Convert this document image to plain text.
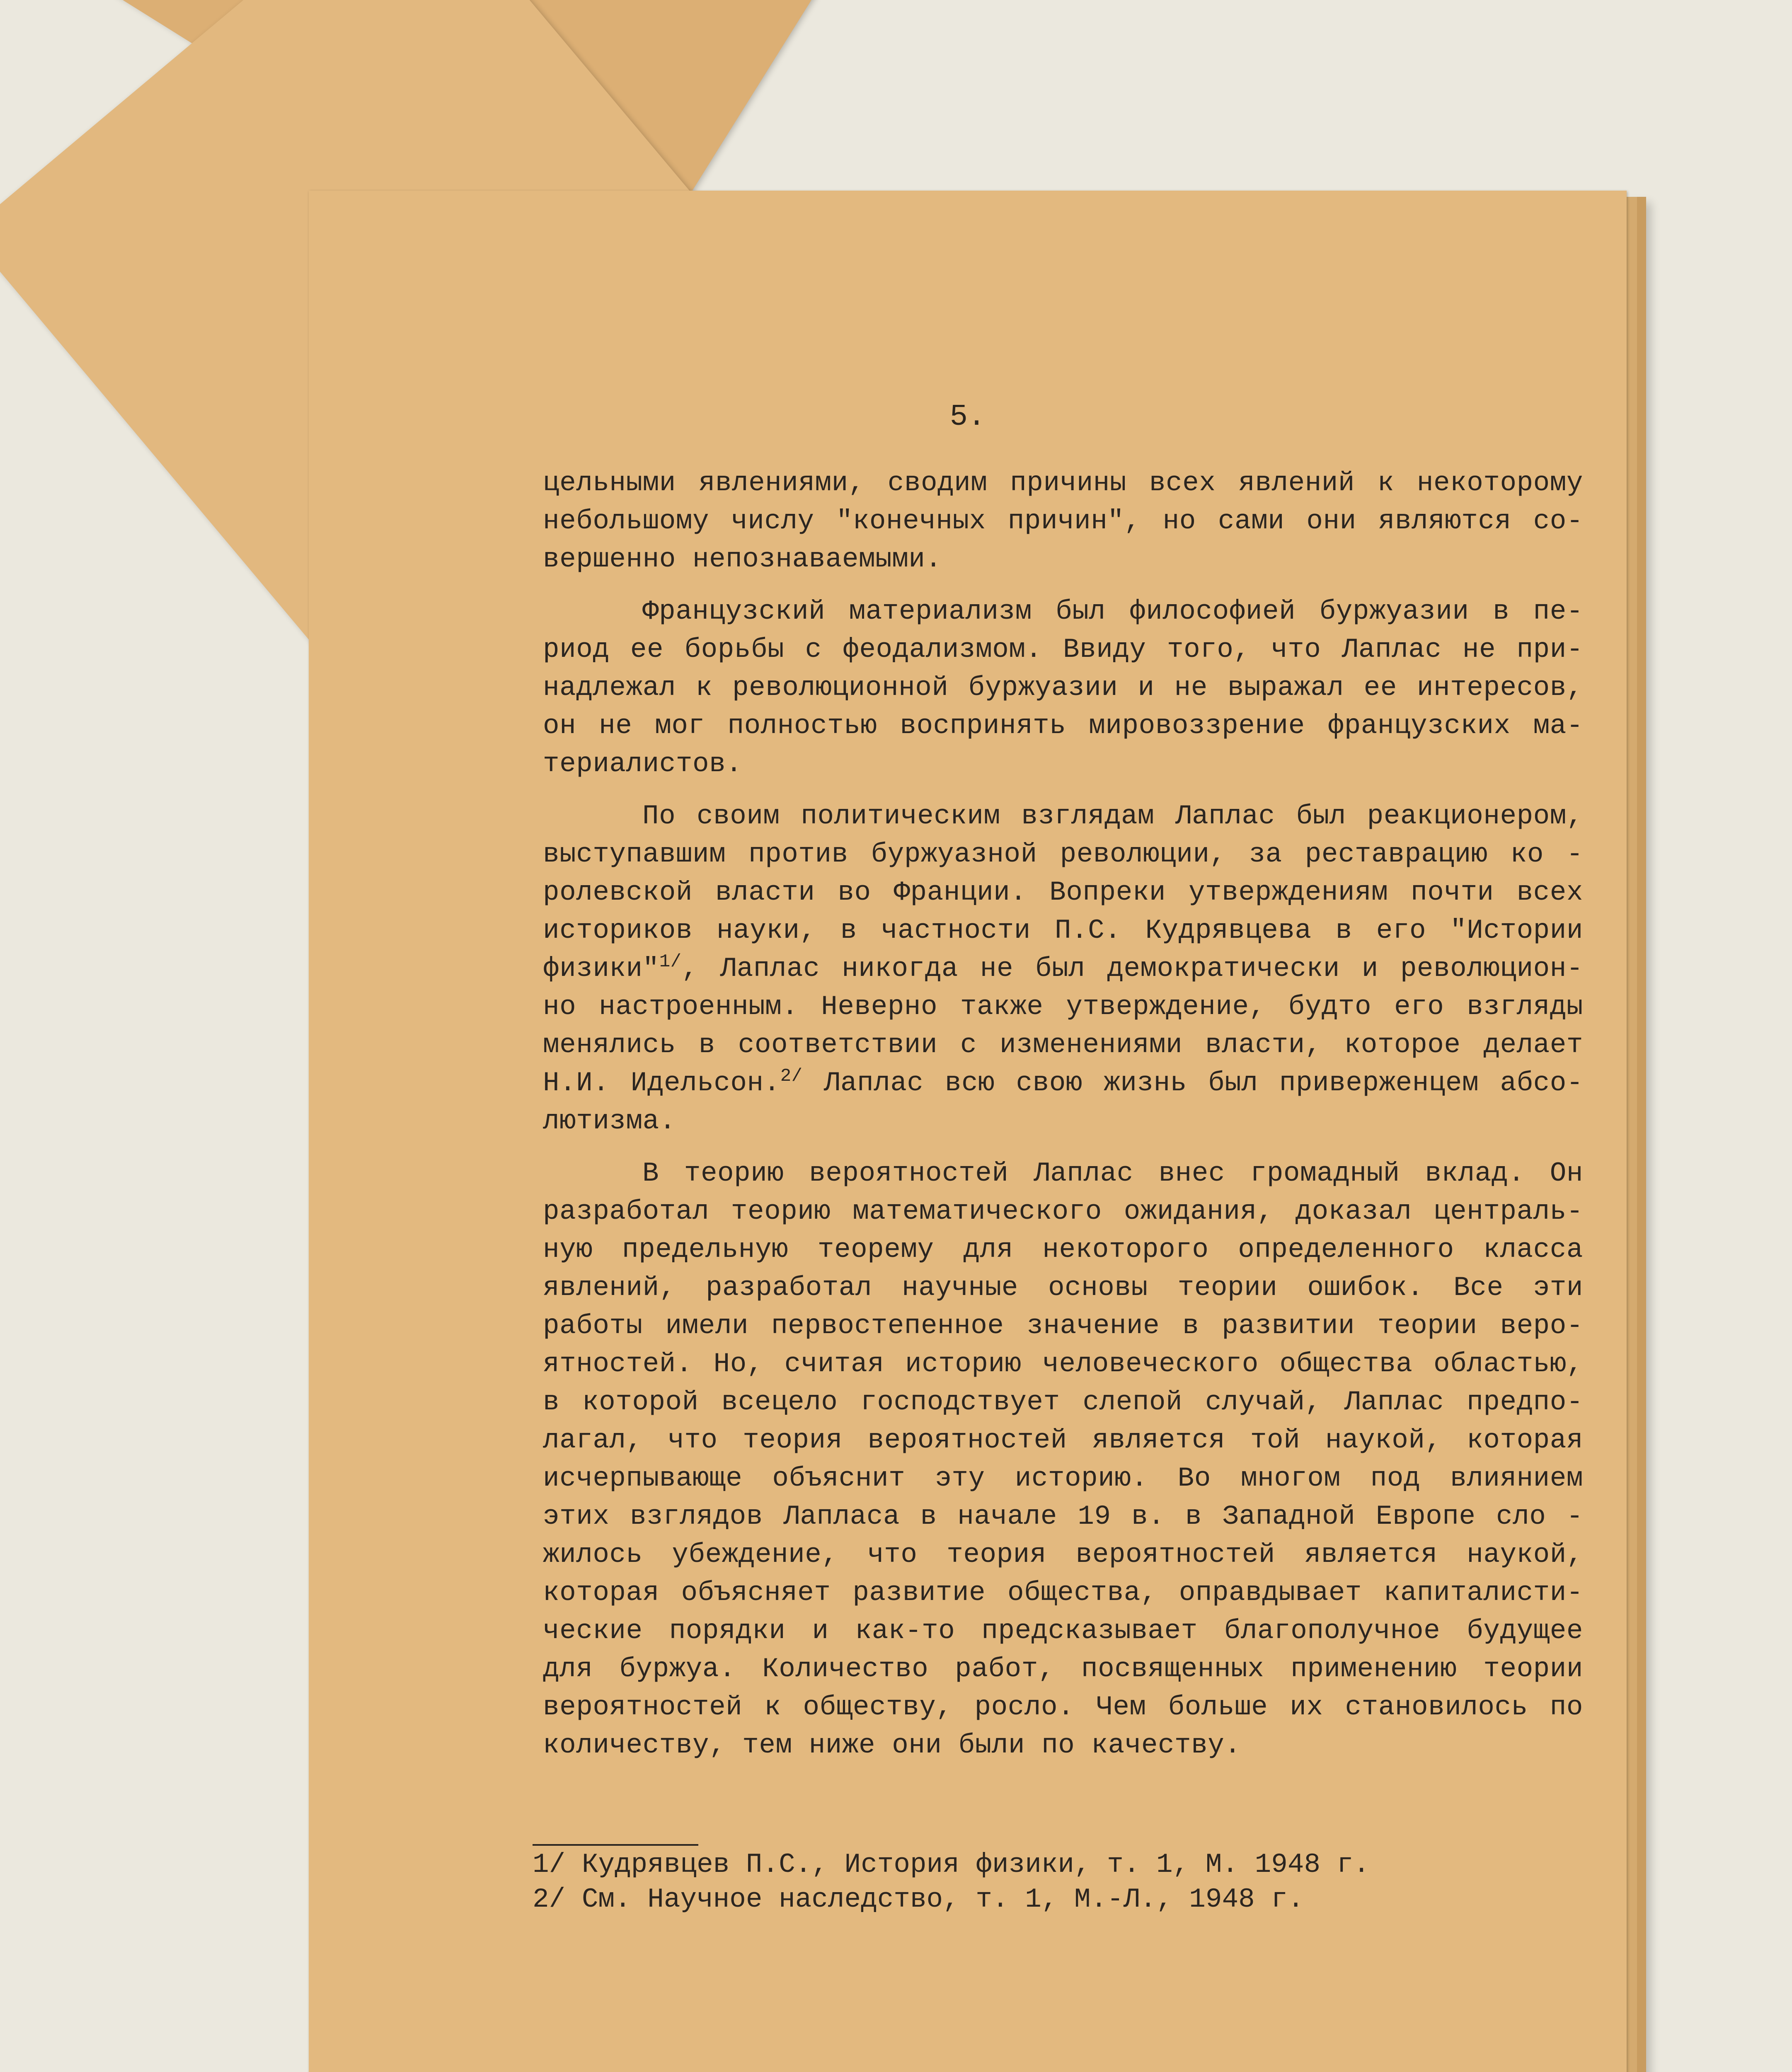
5.
цельными явлениями, сводим причины всех явлений к некоторому
небольшому числу "конечных причин", но сами они являются со-
вершенно непознаваемыми.
Французский материализм был философией буржуазии в пе-
риод ее борьбы с феодализмом. Ввиду того, что Лаплас не при-
надлежал к революционной буржуазии и не выражал ее интересов,
он не мог полностью воспринять мировоззрение французских ма-
териалистов.
По своим политическим взглядам Лаплас был реакционером,
выступавшим против буржуазной революции, за реставрацию ко -
ролевской власти во Франции. Вопреки утверждениям почти всех
историков науки, в частности П.С. Кудрявцева в его "Истории
физики"$^{1/}$, Лаплас никогда не был демократически и революцион-
но настроенным. Неверно также утверждение, будто его взгляды
менялись в соответствии с изменениями власти, которое делает
Н.И. Идельсон.$^{2/}$ Лаплас всю свою жизнь был приверженцем абсо-
лютизма.
В теорию вероятностей Лаплас внес громадный вклад. Он
разработал теорию математического ожидания, доказал централь-
ную предельную теорему для некоторого определенного класса
явлений, разработал научные основы теории ошибок. Все эти
работы имели первостепенное значение в развитии теории веро-
ятностей. Но, считая историю человеческого общества областью,
в которой всецело господствует слепой случай, Лаплас предпо-
лагал, что теория вероятностей является той наукой, которая
исчерпывающе объяснит эту историю. Во многом под влиянием
этих взглядов Лапласа в начале 19 в. в Западной Европе сло -
жилось убеждение, что теория вероятностей является наукой,
которая объясняет развитие общества, оправдывает капиталисти-
ческие порядки и как-то предсказывает благополучное будущее
для буржуа. Количество работ, посвященных применению теории
вероятностей к обществу, росло. Чем больше их становилось по
количеству, тем ниже они были по качеству.
1/ Кудрявцев П.С., История физики, т. 1, М. 1948 г.
2/ См. Научное наследство, т. 1, М.-Л., 1948 г.
